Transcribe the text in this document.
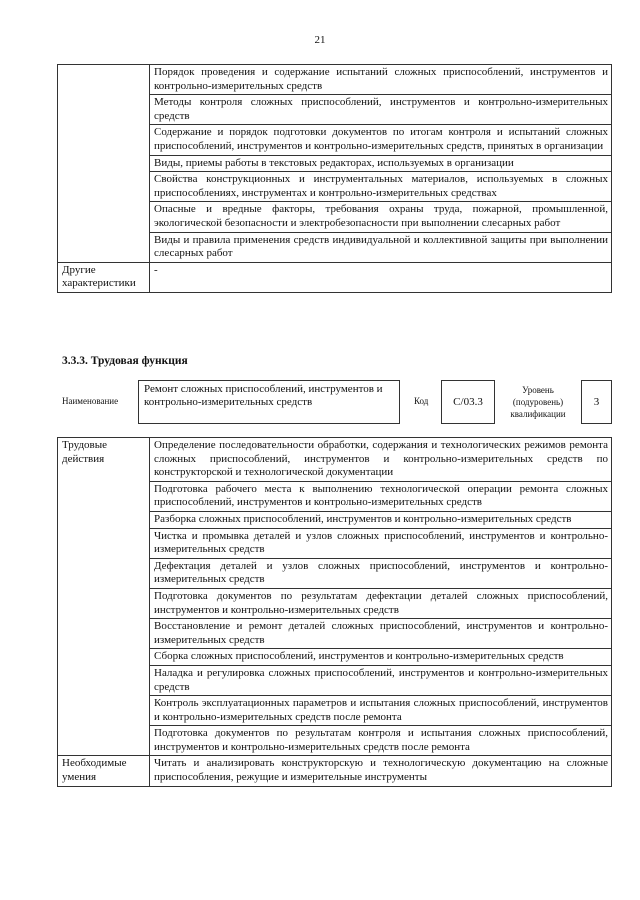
21
	Порядок проведения и содержание испытаний сложных приспособлений, инструментов и контрольно-измерительных средств
	Методы контроля сложных приспособлений, инструментов и контрольно-измерительных средств
	Содержание и порядок подготовки документов по итогам контроля и испытаний сложных приспособлений, инструментов и контрольно-измерительных средств, принятых в организации
	Виды, приемы работы в текстовых редакторах, используемых в организации
	Свойства конструкционных и инструментальных материалов, используемых в сложных приспособлениях, инструментах и контрольно-измерительных средствах
	Опасные и вредные факторы, требования охраны труда, пожарной, промышленной, экологической безопасности и электробезопасности при выполнении слесарных работ
	Виды и правила применения средств индивидуальной и коллективной защиты при выполнении слесарных работ
Другие характеристики	-
3.3.3. Трудовая функция
Наименование
Ремонт сложных приспособлений, инструментов и контрольно-измерительных средств	Код	C/03.3
Уровень (подуровень) квалификации
3
Трудовые действия	Определение последовательности обработки, содержания и технологических режимов ремонта сложных приспособлений, инструментов и контрольно-измерительных средств по конструкторской и технологической документации
	Подготовка рабочего места к выполнению технологической операции ремонта сложных приспособлений, инструментов и контрольно-измерительных средств
	Разборка сложных приспособлений, инструментов и контрольно-измерительных средств
	Чистка и промывка деталей и узлов сложных приспособлений, инструментов и контрольно-измерительных средств
	Дефектация деталей и узлов сложных приспособлений, инструментов и контрольно-измерительных средств
	Подготовка документов по результатам дефектации деталей сложных приспособлений, инструментов и контрольно-измерительных средств
	Восстановление и ремонт деталей сложных приспособлений, инструментов и контрольно-измерительных средств
	Сборка сложных приспособлений, инструментов и контрольно-измерительных средств
	Наладка и регулировка сложных приспособлений, инструментов и контрольно-измерительных средств
	Контроль эксплуатационных параметров и испытания сложных приспособлений, инструментов и контрольно-измерительных средств после ремонта
	Подготовка документов по результатам контроля и испытания сложных приспособлений, инструментов и контрольно-измерительных средств после ремонта
Необходимые умения	Читать и анализировать конструкторскую и технологическую документацию на сложные приспособления, режущие и измерительные инструменты
